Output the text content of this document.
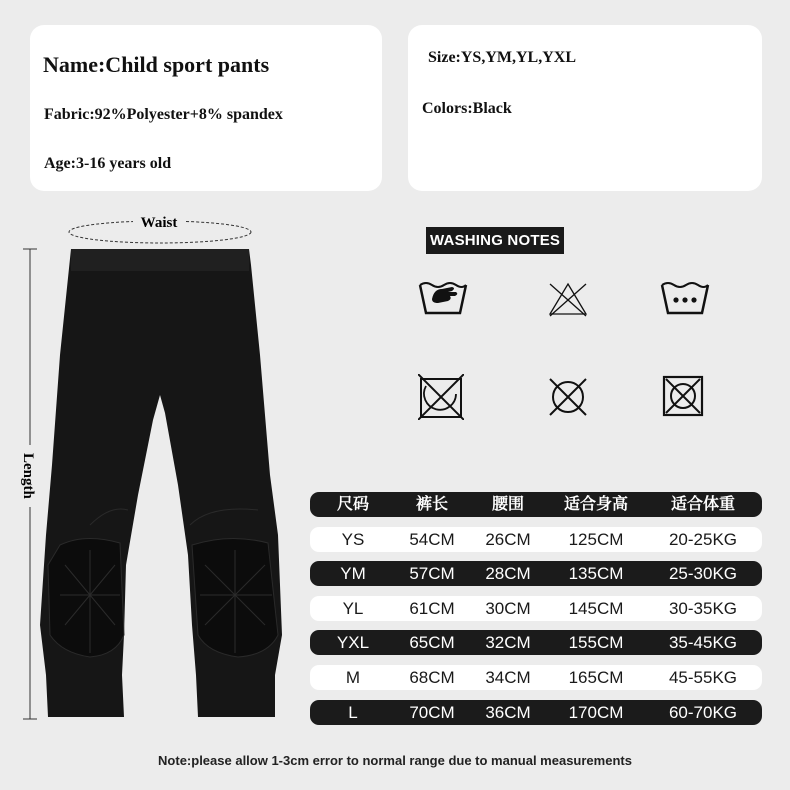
Name:Child sport pants
Fabric:92%Polyester+8% spandex
Age:3-16 years old
Size:YS,YM,YL,YXL
Colors:Black
Waist
Length
WASHING NOTES
尺码	裤长	腰围	适合身高	适合体重
YS	54CM	26CM	125CM	20-25KG
YM	57CM	28CM	135CM	25-30KG
YL	61CM	30CM	145CM	30-35KG
YXL	65CM	32CM	155CM	35-45KG
M	68CM	34CM	165CM	45-55KG
L	70CM	36CM	170CM	60-70KG
Note:please allow 1-3cm error to normal range due to manual measurements
